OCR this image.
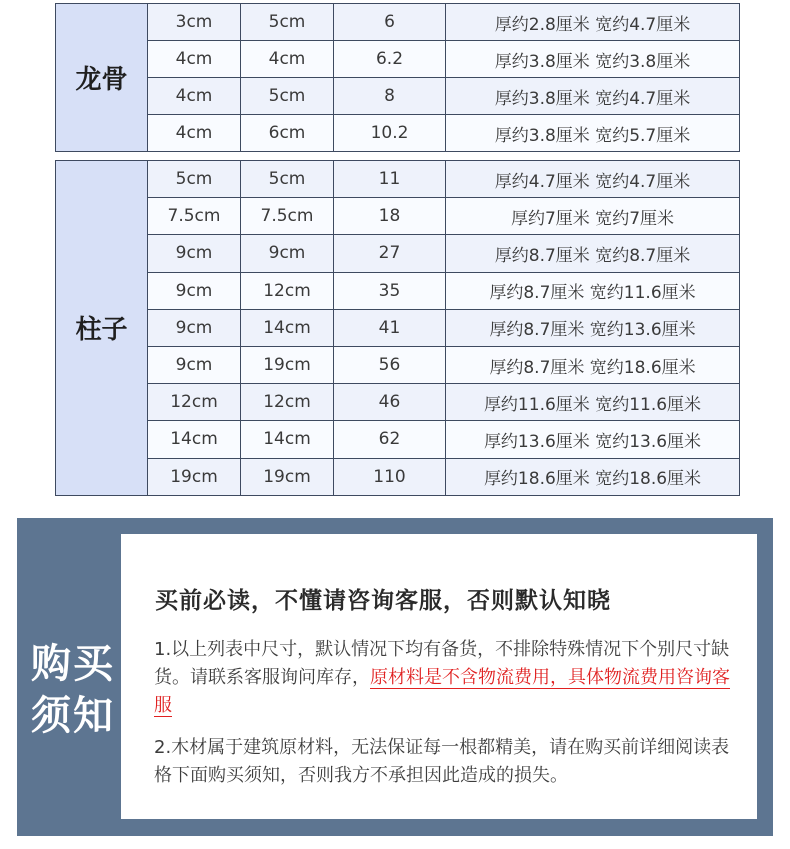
龙骨	3cm	5cm	6	厚约2.8厘米 宽约4.7厘米
	4cm	4cm	6.2	厚约3.8厘米 宽约3.8厘米
	4cm	5cm	8	厚约3.8厘米 宽约4.7厘米
	4cm	6cm	10.2	厚约3.8厘米 宽约5.7厘米
柱子	5cm	5cm	11	厚约4.7厘米 宽约4.7厘米
	7.5cm	7.5cm	18	厚约7厘米 宽约7厘米
	9cm	9cm	27	厚约8.7厘米 宽约8.7厘米
	9cm	12cm	35	厚约8.7厘米 宽约11.6厘米
	9cm	14cm	41	厚约8.7厘米 宽约13.6厘米
	9cm	19cm	56	厚约8.7厘米 宽约18.6厘米
	12cm	12cm	46	厚约11.6厘米 宽约11.6厘米
	14cm	14cm	62	厚约13.6厘米 宽约13.6厘米
	19cm	19cm	110	厚约18.6厘米 宽约18.6厘米
购买
须知
买前必读，不懂请咨询客服，否则默认知晓
1.以上列表中尺寸，默认情况下均有备货，不排除特殊情况下个别尺寸缺货。请联系客服询问库存，原材料是不含物流费用，具体物流费用咨询客服
2.木材属于建筑原材料，无法保证每一根都精美，请在购买前详细阅读表格下面购买须知，否则我方不承担因此造成的损失。
